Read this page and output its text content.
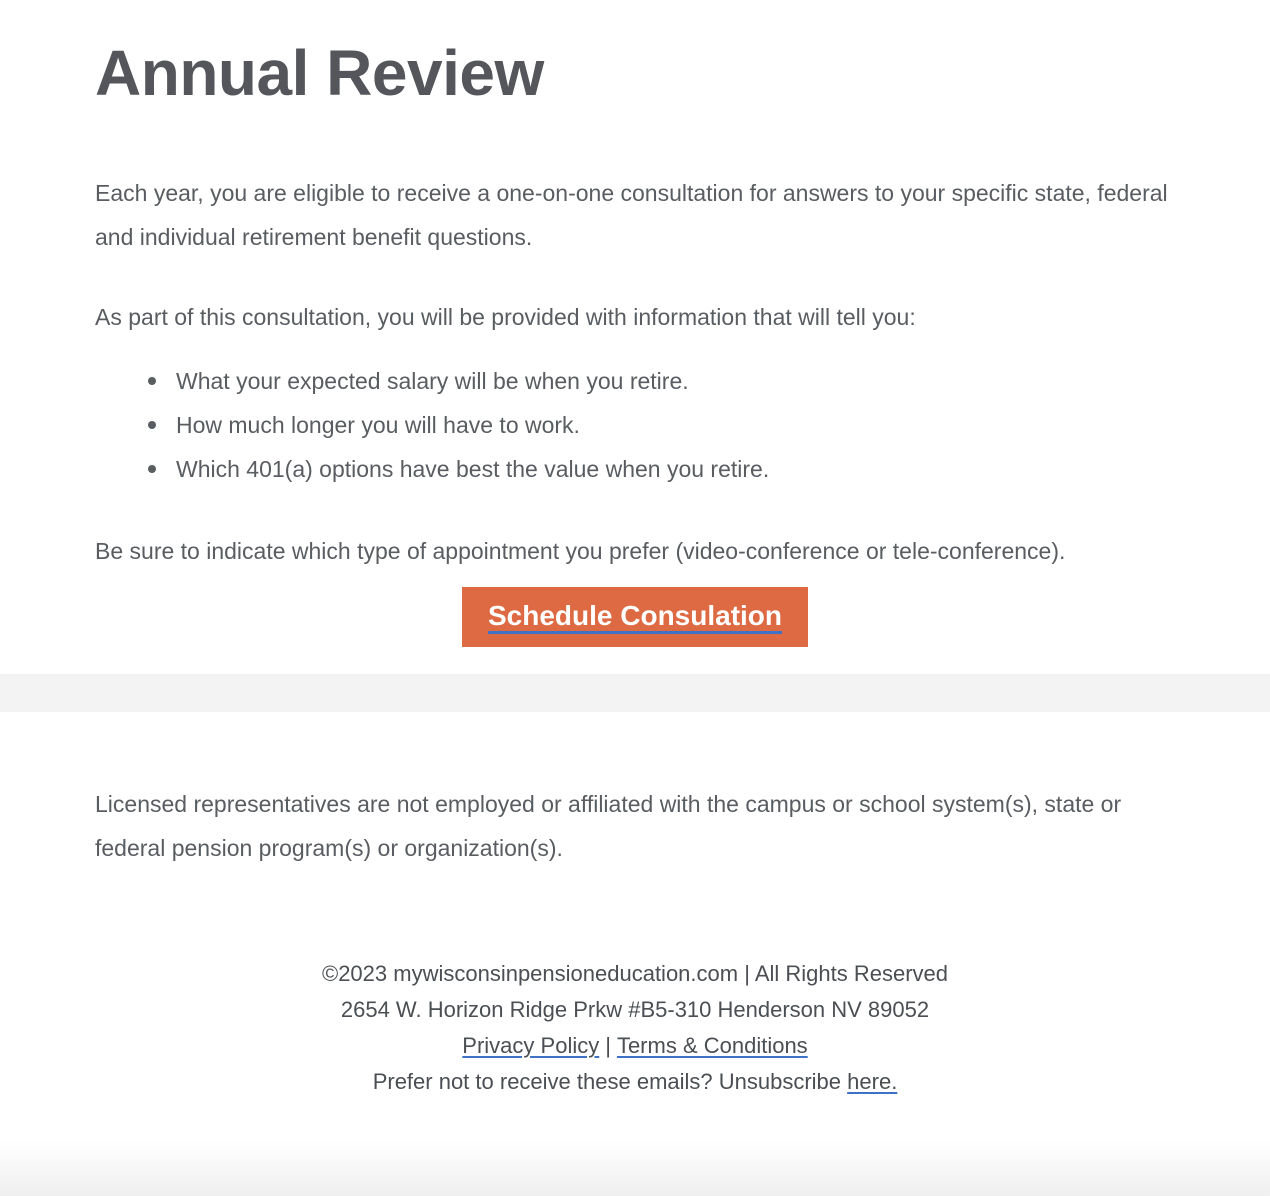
Annual Review

Each year, you are eligible to receive a one-on-one consultation for answers to your specific state, federal and individual retirement benefit questions.

As part of this consultation, you will be provided with information that will tell you:

What your expected salary will be when you retire.
How much longer you will have to work.
Which 401(a) options have best the value when you retire.

Be sure to indicate which type of appointment you prefer (video-conference or tele-conference).

Schedule Consulation

Licensed representatives are not employed or affiliated with the campus or school system(s), state or federal pension program(s) or organization(s).

©2023 mywisconsinpensioneducation.com | All Rights Reserved
2654 W. Horizon Ridge Prkw #B5-310 Henderson NV 89052
Privacy Policy | Terms & Conditions
Prefer not to receive these emails? Unsubscribe here.
